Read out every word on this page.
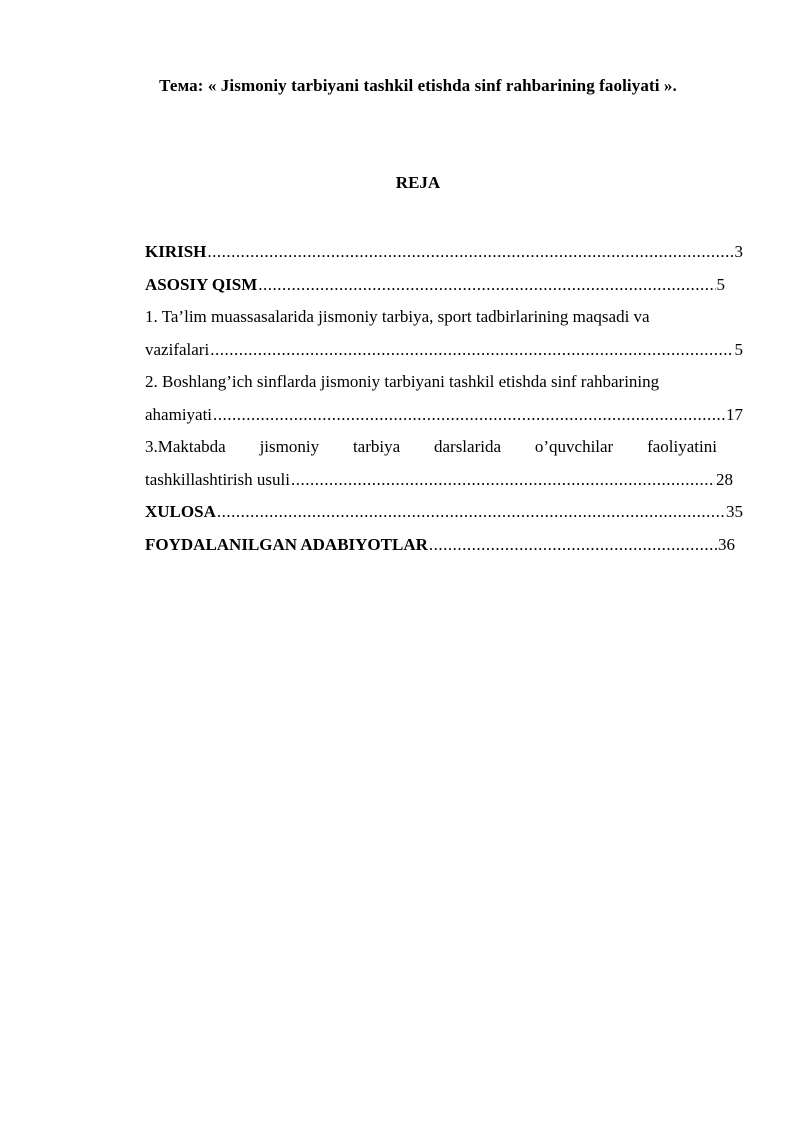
Тема: « Jismoniy tarbiyani tashkil etishda sinf rahbarining faoliyati ».
REJA
KIRISH .....	3
ASOSIY QISM .....	5
1. Ta’lim muassasalarida jismoniy tarbiya, sport tadbirlarining maqsadi va
vazifalari .....	5
2. Boshlang’ich sinflarda jismoniy tarbiyani tashkil etishda sinf rahbarining
ahamiyati .....	17
3.Maktabda jismoniy tarbiya darslarida o’quvchilar faoliyatini
tashkillashtirish usuli .....	28
XULOSA .....	35
FOYDALANILGAN ADABIYOTLAR .....	36
